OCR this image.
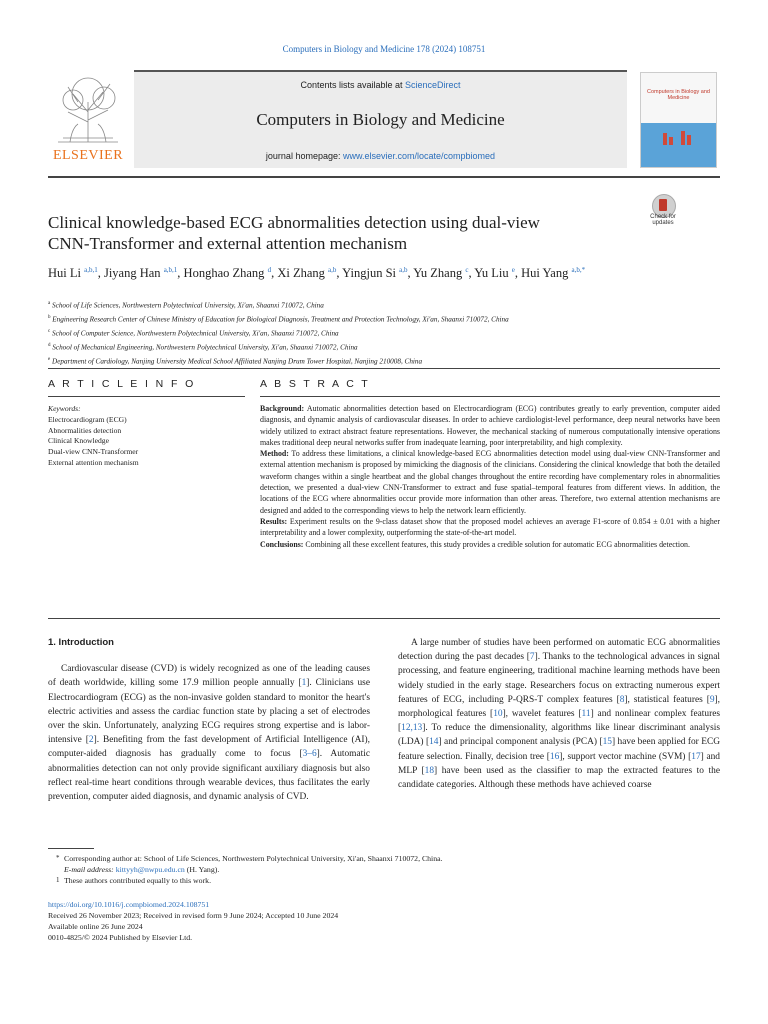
Computers in Biology and Medicine 178 (2024) 108751
ELSEVIER
Contents lists available at ScienceDirect
Computers in Biology and Medicine
journal homepage: www.elsevier.com/locate/compbiomed
Computers in Biology and Medicine
Check for updates
Clinical knowledge-based ECG abnormalities detection using dual-view
CNN-Transformer and external attention mechanism
Hui Li $^{a,b,1}$, Jiyang Han $^{a,b,1}$, Honghao Zhang $^d$, Xi Zhang $^{a,b}$, Yingjun Si $^{a,b}$, Yu Zhang $^c$, Yu Liu $^e$, Hui Yang $^{a,b,*}$
$^a$ School of Life Sciences, Northwestern Polytechnical University, Xi'an, Shaanxi 710072, China
$^b$ Engineering Research Center of Chinese Ministry of Education for Biological Diagnosis, Treatment and Protection Technology, Xi'an, Shaanxi 710072, China
$^c$ School of Computer Science, Northwestern Polytechnical University, Xi'an, Shaanxi 710072, China
$^d$ School of Mechanical Engineering, Northwestern Polytechnical University, Xi'an, Shaanxi 710072, China
$^e$ Department of Cardiology, Nanjing University Medical School Affiliated Nanjing Drum Tower Hospital, Nanjing 210008, China
A R T I C L E I N F O	A B S T R A C T
Keywords:
Electrocardiogram (ECG)
Abnormalities detection
Clinical Knowledge
Dual-view CNN-Transformer
External attention mechanism

Background: Automatic abnormalities detection based on Electrocardiogram (ECG) contributes greatly to early prevention, computer aided diagnosis, and dynamic analysis of cardiovascular diseases. In order to achieve cardiologist-level performance, deep neural networks have been widely utilized to extract abstract feature representations. However, the mechanical stacking of numerous computationally intensive operations makes traditional deep neural networks suffer from inadequate learning, poor interpretability, and high complexity.

Method: To address these limitations, a clinical knowledge-based ECG abnormalities detection model using dual-view CNN-Transformer and external attention mechanism is proposed by mimicking the diagnosis of the clinicians. Considering the clinical knowledge that both the detailed waveform changes within a single heartbeat and the global changes throughout the entire recording have complementary roles in abnormalities detection, we presented a dual-view CNN-Transformer to extract and fuse spatial–temporal features from different views. In addition, the locations of the ECG where abnormalities occur provide more information than other areas. Therefore, two external attention mechanisms are designed and added to the corresponding views to help the network learn efficiently.

Results: Experiment results on the 9-class dataset show that the proposed model achieves an average F1-score of 0.854 ± 0.01 with a higher interpretability and a lower complexity, outperforming the state-of-the-art model.

Conclusions: Combining all these excellent features, this study provides a credible solution for automatic ECG abnormalities detection.

1. Introduction

Cardiovascular disease (CVD) is widely recognized as one of the leading causes of death worldwide, killing some 17.9 million people annually [1]. Clinicians use Electrocardiogram (ECG) as the non-invasive golden standard to monitor the heart's electric activities and assess the cardiac function state by placing a set of electrodes over the skin. Unfortunately, analyzing ECG requires strong expertise and is labor-intensive [2]. Benefiting from the fast development of Artificial Intelligence (AI), computer-aided diagnosis has gradually come to focus [3–6]. Automatic abnormalities detection can not only provide significant auxiliary diagnosis but also reflect real-time heart conditions through wearable devices, thus facilitates the early prevention, computer aided diagnosis, and dynamic analysis of CVD.

A large number of studies have been performed on automatic ECG abnormalities detection during the past decades [7]. Thanks to the technological advances in signal processing, and feature engineering, traditional machine learning methods have been widely studied in the early stage. Researchers focus on extracting numerous expert features of ECG, including P-QRS-T complex features [8], statistical features [9], morphological features [10], wavelet features [11] and nonlinear complex features [12,13]. To reduce the dimensionality, algorithms like linear discriminant analysis (LDA) [14] and principal component analysis (PCA) [15] have been applied for ECG feature selection. Finally, decision tree [16], support vector machine (SVM) [17] and MLP [18] have been used as the classifier to map the extracted features to the candidate categories. Although these methods have achieved coarse

* Corresponding author at: School of Life Sciences, Northwestern Polytechnical University, Xi'an, Shaanxi 710072, China.
E-mail address: kittyyh@nwpu.edu.cn (H. Yang).
1 These authors contributed equally to this work.
https://doi.org/10.1016/j.compbiomed.2024.108751
Received 26 November 2023; Received in revised form 9 June 2024; Accepted 10 June 2024
Available online 26 June 2024
0010-4825/© 2024 Published by Elsevier Ltd.
